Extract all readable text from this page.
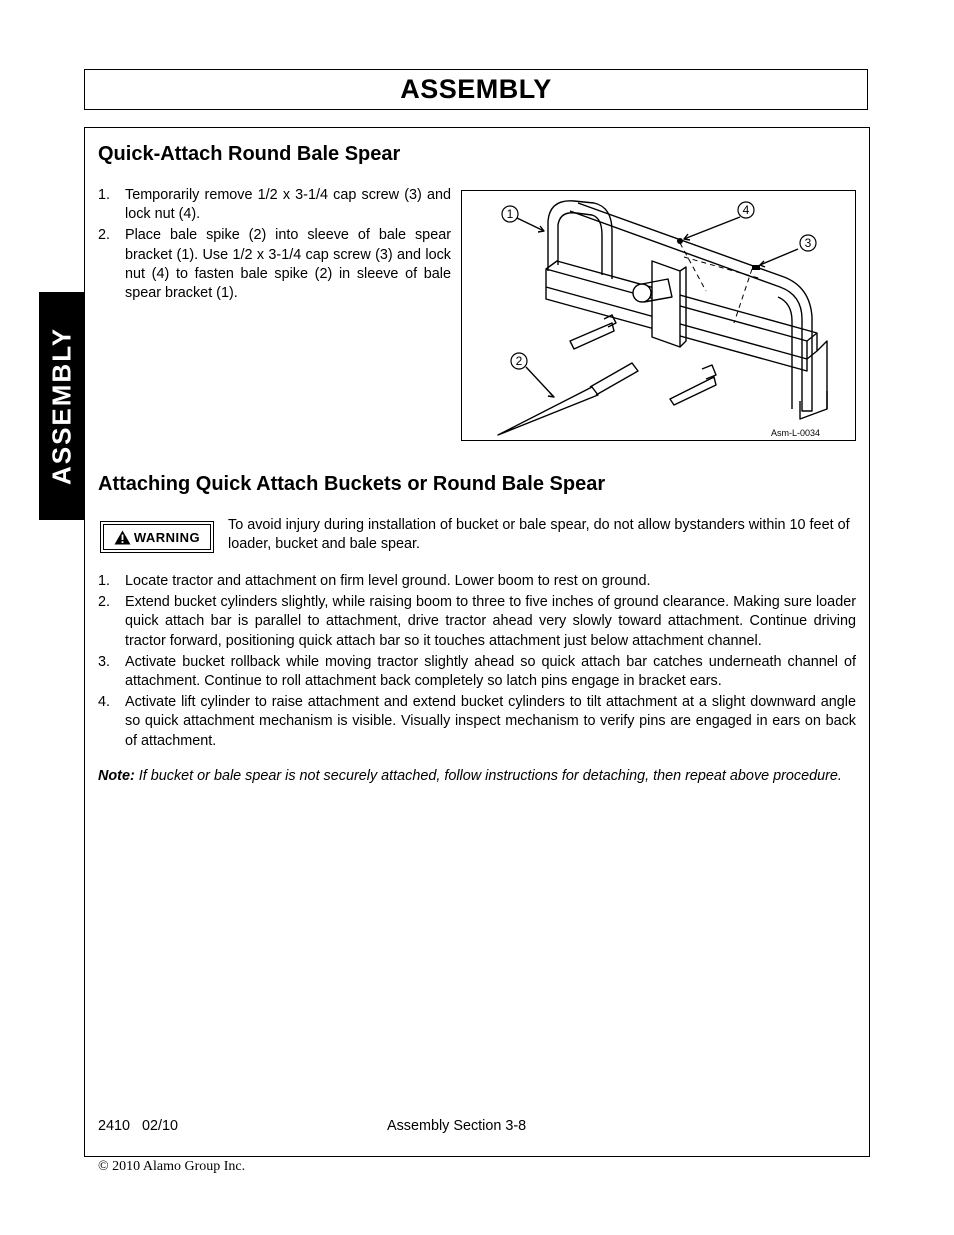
ASSEMBLY
ASSEMBLY
Quick-Attach Round Bale Spear
1. Temporarily remove 1/2 x 3-1/4 cap screw (3) and lock nut (4).
2. Place bale spike (2) into sleeve of bale spear bracket (1). Use 1/2 x 3-1/4 cap screw (3) and lock nut (4) to fasten bale spike (2) in sleeve of bale spear bracket (1).
1
2
3
4
Asm-L-0034
Attaching Quick Attach Buckets or Round Bale Spear
WARNING
To avoid injury during installation of bucket or bale spear, do not allow bystanders within 10 feet of loader, bucket and bale spear.
1. Locate tractor and attachment on firm level ground. Lower boom to rest on ground.
2. Extend bucket cylinders slightly, while raising boom to three to five inches of ground clearance. Making sure loader quick attach bar is parallel to attachment, drive tractor ahead very slowly toward attachment. Continue driving tractor forward, positioning quick attach bar so it touches attachment just below attachment channel.
3. Activate bucket rollback while moving tractor slightly ahead so quick attach bar catches underneath channel of attachment. Continue to roll attachment back completely so latch pins engage in bracket ears.
4. Activate lift cylinder to raise attachment and extend bucket cylinders to tilt attachment at a slight downward angle so quick attachment mechanism is visible. Visually inspect mechanism to verify pins are engaged in ears on back of attachment.
Note: If bucket or bale spear is not securely attached, follow instructions for detaching, then repeat above procedure.
2410   02/10	Assembly Section 3-8
© 2010 Alamo Group Inc.
